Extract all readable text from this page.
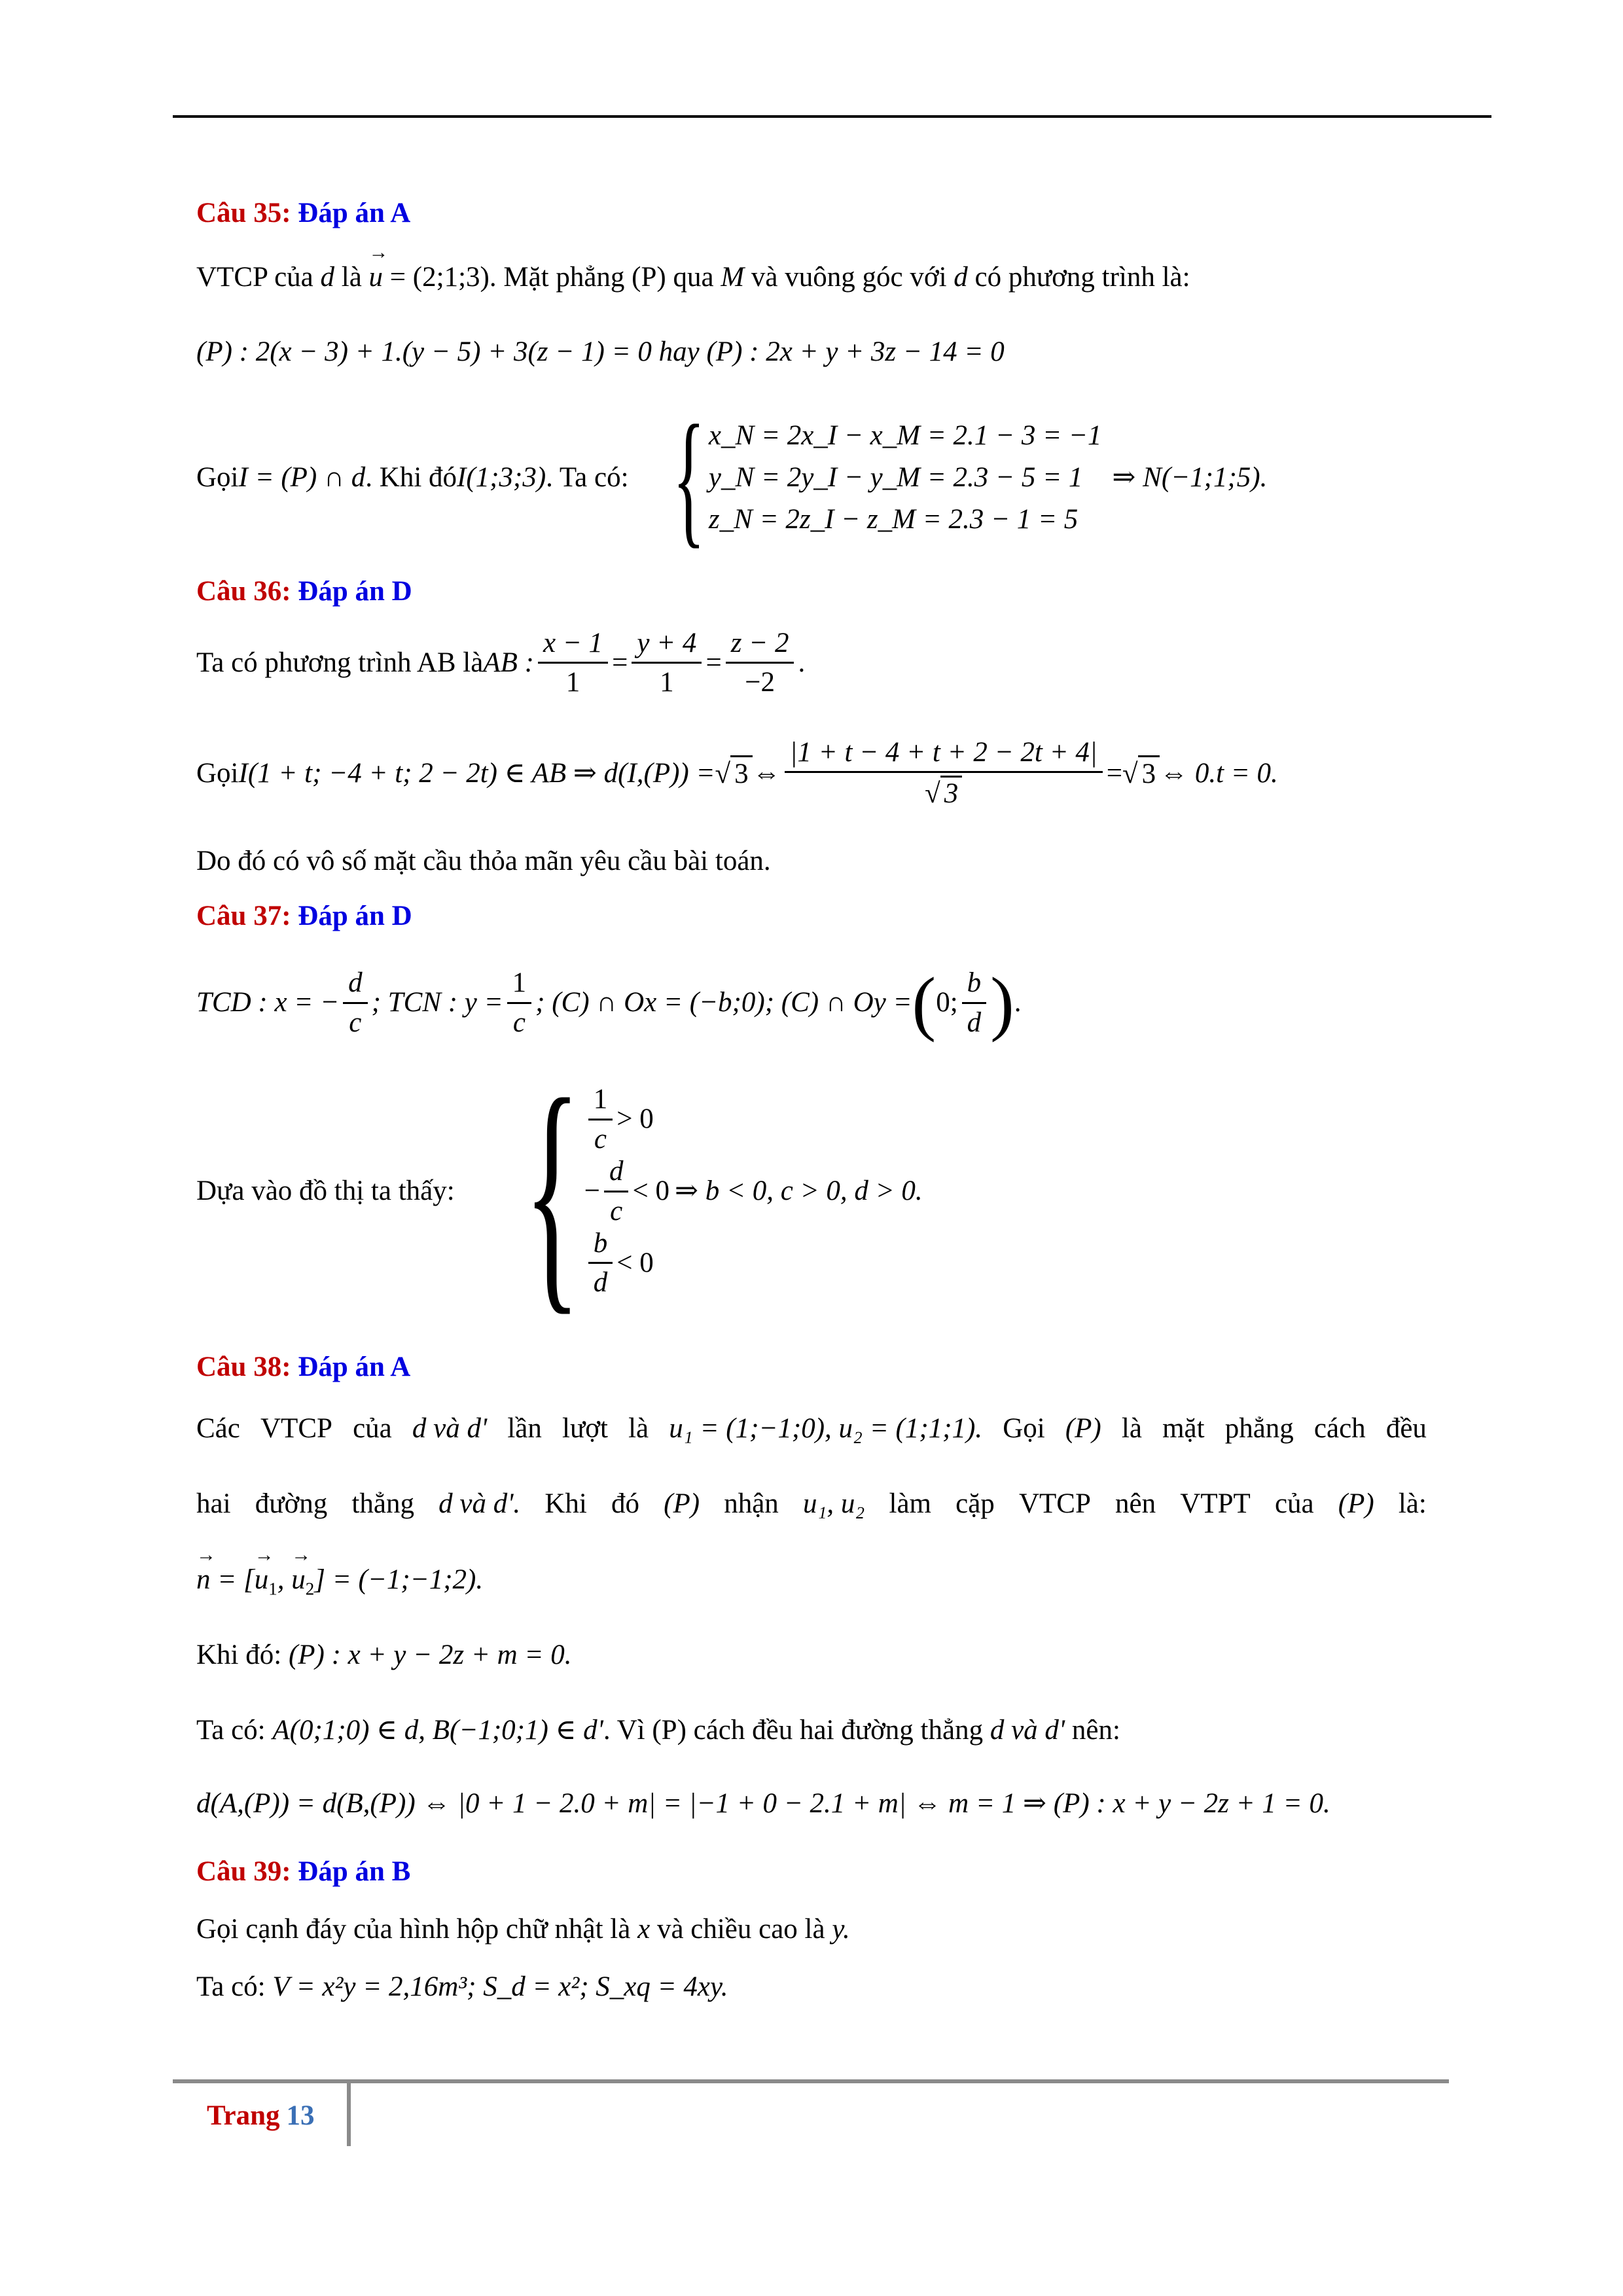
Câu 35: Đáp án A
VTCP của d là → u = (2;1;3). Mặt phẳng (P) qua M và vuông góc với d có phương trình là:
(P) : 2(x − 3) + 1.(y − 5) + 3(z − 1) = 0 hay (P) : 2x + y + 3z − 14 = 0
Gọi I = (P) ∩ d . Khi đó I(1;3;3) . Ta có: { x_N = 2x_I − x_M = 2.1 − 3 = −1
y_N = 2y_I − y_M = 2.3 − 5 = 1
z_N = 2z_I − z_M = 2.3 − 1 = 5
⇒ N(−1;1;5).
Câu 36: Đáp án D
Ta có phương trình AB là AB : $\frac{x - 1}{1} = \frac{y + 4}{1} = \frac{z - 2}{-2}$ .
Gọi I(1 + t; −4 + t; 2 − 2t) ∈ AB ⇒ d(I,(P)) = √ 3 ⇔ $\frac{|1 + t - 4 + t + 2 - 2t + 4|}{√ 3}$ = √ 3 ⇔ 0.t = 0.
Do đó có vô số mặt cầu thỏa mãn yêu cầu bài toán.
Câu 37: Đáp án D
TCD : x = − $\frac{d}{c}$ ; TCN : $y = \frac{1}{c}$ ; (C) ∩ Ox = (−b;0); (C) ∩ Oy = ( 0;
b
d ) .
Dựa vào đồ thị ta thấy: { 1
c
> 0
− $\frac{d}{c} < 0$
b
d
< 0
⇒ b < 0, c > 0, d > 0.
Câu 38: Đáp án A
Các VTCP của d và d' lần lượt là u₁ = (1;−1;0), u₂ = (1;1;1). Gọi (P) là mặt phẳng cách đều
hai đường thẳng d và d'. Khi đó (P) nhận u₁, u₂ làm cặp VTCP nên VTPT của (P) là:
→ n = [→ $u_1$, → $u_2$] = (−1;−1;2).
Khi đó: (P) : x + y − 2z + m = 0.
Ta có: A(0;1;0) ∈ d, B(−1;0;1) ∈ d'. Vì (P) cách đều hai đường thẳng d và d' nên:
d(A,(P)) = d(B,(P)) ⇔ |0 + 1 − 2.0 + m| = |−1 + 0 − 2.1 + m| ⇔ m = 1 ⇒ (P) : x + y − 2z + 1 = 0.
Câu 39: Đáp án B
Gọi cạnh đáy của hình hộp chữ nhật là x và chiều cao là y.
Ta có: V = x²y = 2,16m³; S_d = x²; S_xq = 4xy.
Trang 13
